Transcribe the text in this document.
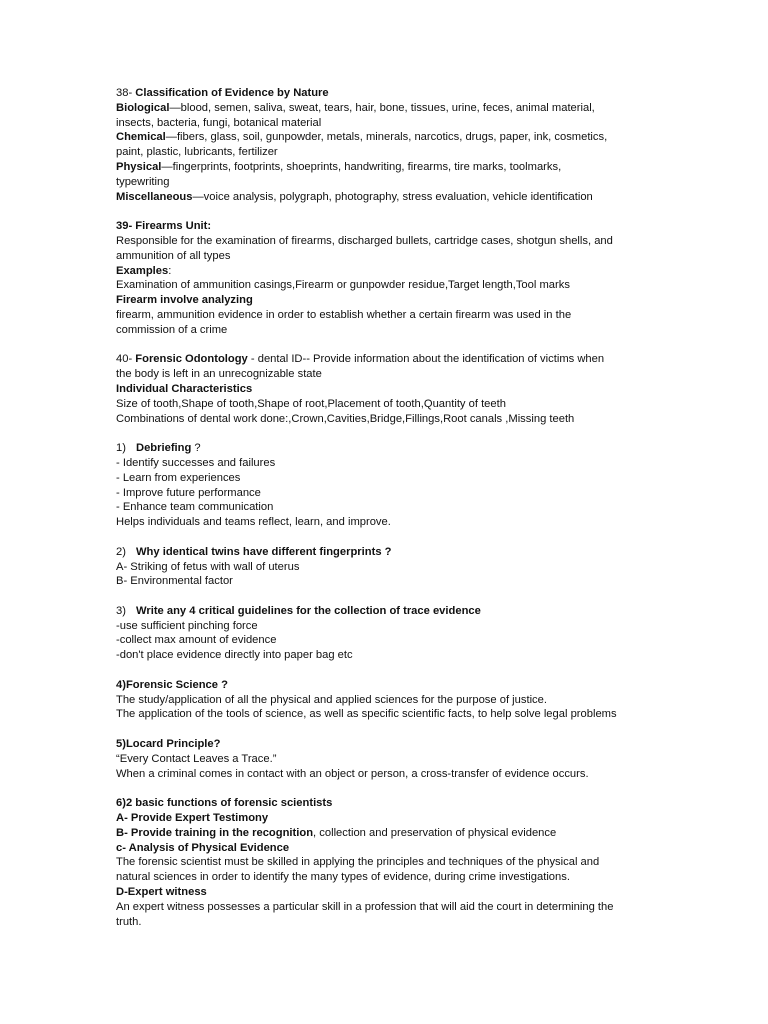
38- Classification of Evidence by Nature
Biological—blood, semen, saliva, sweat, tears, hair, bone, tissues, urine, feces, animal material,
insects, bacteria, fungi, botanical material
Chemical—fibers, glass, soil, gunpowder, metals, minerals, narcotics, drugs, paper, ink, cosmetics,
paint, plastic, lubricants, fertilizer
Physical—fingerprints, footprints, shoeprints, handwriting, firearms, tire marks, toolmarks,
typewriting
Miscellaneous—voice analysis, polygraph, photography, stress evaluation, vehicle identification
39- Firearms Unit:
Responsible for the examination of firearms, discharged bullets, cartridge cases, shotgun shells, and
ammunition of all types
Examples:
Examination of ammunition casings,Firearm or gunpowder residue,Target length,Tool marks
Firearm involve analyzing
firearm, ammunition evidence in order to establish whether a certain firearm was used in the
commission of a crime
40- Forensic Odontology - dental ID-- Provide information about the identification of victims when
the body is left in an unrecognizable state
Individual Characteristics
Size of tooth,Shape of tooth,Shape of root,Placement of tooth,Quantity of teeth
Combinations of dental work done:,Crown,Cavities,Bridge,Fillings,Root canals ,Missing teeth
1) Debriefing ?
- Identify successes and failures
- Learn from experiences
- Improve future performance
- Enhance team communication
Helps individuals and teams reflect, learn, and improve.
2) Why identical twins have different fingerprints ?
A- Striking of fetus with wall of uterus
B- Environmental factor
3) Write any 4 critical guidelines for the collection of trace evidence
-use sufficient pinching force
-collect max amount of evidence
-don't place evidence directly into paper bag etc
4)Forensic Science ?
The study/application of all the physical and applied sciences for the purpose of justice.
The application of the tools of science, as well as specific scientific facts, to help solve legal problems
5)Locard Principle?
“Every Contact Leaves a Trace.”
When a criminal comes in contact with an object or person, a cross-transfer of evidence occurs.
6)2 basic functions of forensic scientists
A- Provide Expert Testimony
B- Provide training in the recognition, collection and preservation of physical evidence
c- Analysis of Physical Evidence
The forensic scientist must be skilled in applying the principles and techniques of the physical and
natural sciences in order to identify the many types of evidence, during crime investigations.
D-Expert witness
An expert witness possesses a particular skill in a profession that will aid the court in determining the
truth.
